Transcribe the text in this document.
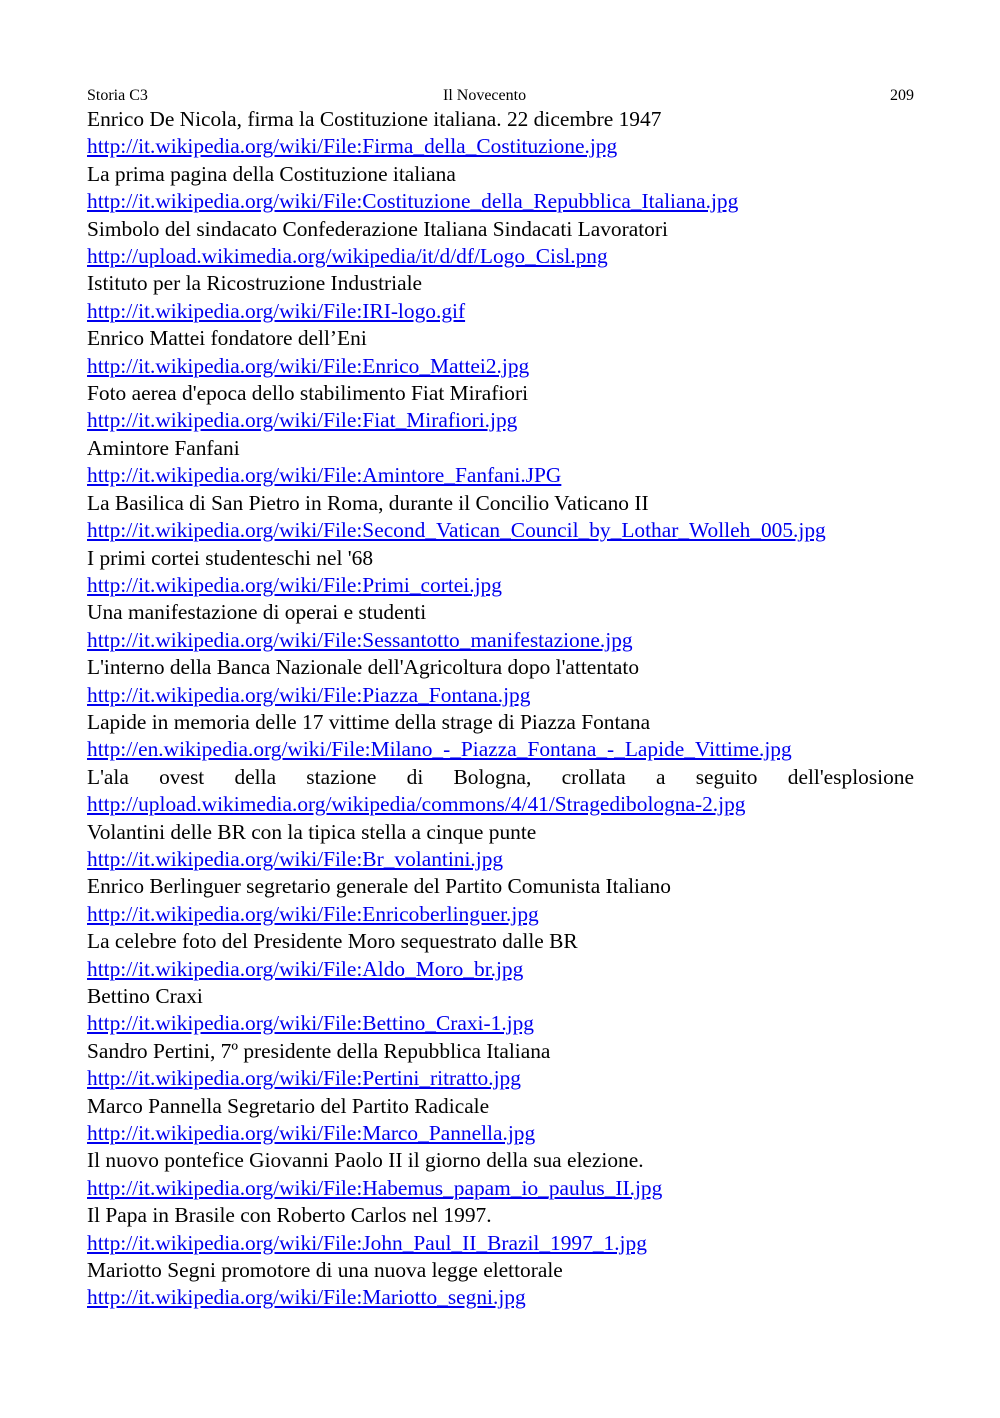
Storia C3	Il Novecento	209
Enrico De Nicola, firma la Costituzione italiana. 22 dicembre 1947
http://it.wikipedia.org/wiki/File:Firma_della_Costituzione.jpg
La prima pagina della Costituzione italiana
http://it.wikipedia.org/wiki/File:Costituzione_della_Repubblica_Italiana.jpg
Simbolo del sindacato Confederazione Italiana Sindacati Lavoratori
http://upload.wikimedia.org/wikipedia/it/d/df/Logo_Cisl.png
Istituto per la Ricostruzione Industriale
http://it.wikipedia.org/wiki/File:IRI-logo.gif
Enrico Mattei fondatore dell’Eni
http://it.wikipedia.org/wiki/File:Enrico_Mattei2.jpg
Foto aerea d'epoca dello stabilimento Fiat Mirafiori
http://it.wikipedia.org/wiki/File:Fiat_Mirafiori.jpg
Amintore Fanfani
http://it.wikipedia.org/wiki/File:Amintore_Fanfani.JPG
La Basilica di San Pietro in Roma, durante il Concilio Vaticano II
http://it.wikipedia.org/wiki/File:Second_Vatican_Council_by_Lothar_Wolleh_005.jpg
I primi cortei studenteschi nel '68
http://it.wikipedia.org/wiki/File:Primi_cortei.jpg
Una manifestazione di operai e studenti
http://it.wikipedia.org/wiki/File:Sessantotto_manifestazione.jpg
L'interno della Banca Nazionale dell'Agricoltura dopo l'attentato
http://it.wikipedia.org/wiki/File:Piazza_Fontana.jpg
Lapide in memoria delle 17 vittime della strage di Piazza Fontana
http://en.wikipedia.org/wiki/File:Milano_-_Piazza_Fontana_-_Lapide_Vittime.jpg
L'ala ovest della stazione di Bologna, crollata a seguito dell'esplosione
http://upload.wikimedia.org/wikipedia/commons/4/41/Stragedibologna-2.jpg
Volantini delle BR con la tipica stella a cinque punte
http://it.wikipedia.org/wiki/File:Br_volantini.jpg
Enrico Berlinguer segretario generale del Partito Comunista Italiano
http://it.wikipedia.org/wiki/File:Enricoberlinguer.jpg
La celebre foto del Presidente Moro sequestrato dalle BR
http://it.wikipedia.org/wiki/File:Aldo_Moro_br.jpg
Bettino Craxi
http://it.wikipedia.org/wiki/File:Bettino_Craxi-1.jpg
Sandro Pertini, 7º presidente della Repubblica Italiana
http://it.wikipedia.org/wiki/File:Pertini_ritratto.jpg
Marco Pannella Segretario del Partito Radicale
http://it.wikipedia.org/wiki/File:Marco_Pannella.jpg
Il nuovo pontefice Giovanni Paolo II il giorno della sua elezione.
http://it.wikipedia.org/wiki/File:Habemus_papam_io_paulus_II.jpg
Il Papa in Brasile con Roberto Carlos nel 1997.
http://it.wikipedia.org/wiki/File:John_Paul_II_Brazil_1997_1.jpg
Mariotto Segni promotore di una nuova legge elettorale
http://it.wikipedia.org/wiki/File:Mariotto_segni.jpg
